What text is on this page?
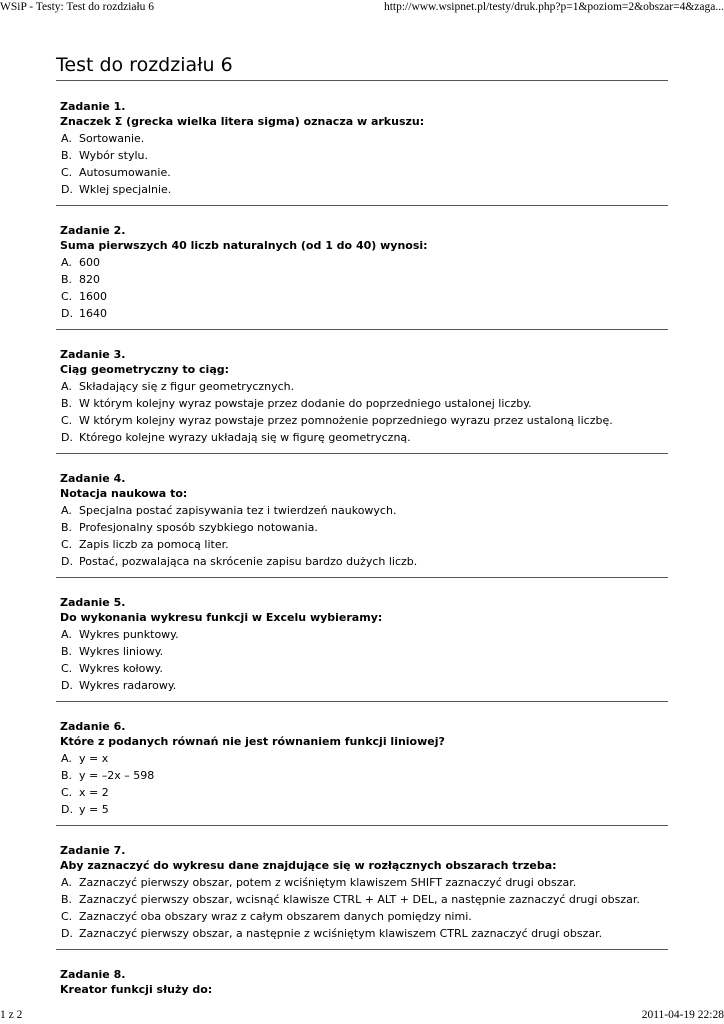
WSiP - Testy: Test do rozdziału 6	http://www.wsipnet.pl/testy/druk.php?p=1&poziom=2&obszar=4&zaga...
Test do rozdziału 6
Zadanie 1.
Znaczek Σ (grecka wielka litera sigma) oznacza w arkuszu:
A. Sortowanie.
B. Wybór stylu.
C. Autosumowanie.
D. Wklej specjalnie.
Zadanie 2.
Suma pierwszych 40 liczb naturalnych (od 1 do 40) wynosi:
A. 600
B. 820
C. 1600
D. 1640
Zadanie 3.
Ciąg geometryczny to ciąg:
A. Składający się z figur geometrycznych.
B. W którym kolejny wyraz powstaje przez dodanie do poprzedniego ustalonej liczby.
C. W którym kolejny wyraz powstaje przez pomnożenie poprzedniego wyrazu przez ustaloną liczbę.
D. Którego kolejne wyrazy układają się w figurę geometryczną.
Zadanie 4.
Notacja naukowa to:
A. Specjalna postać zapisywania tez i twierdzeń naukowych.
B. Profesjonalny sposób szybkiego notowania.
C. Zapis liczb za pomocą liter.
D. Postać, pozwalająca na skrócenie zapisu bardzo dużych liczb.
Zadanie 5.
Do wykonania wykresu funkcji w Excelu wybieramy:
A. Wykres punktowy.
B. Wykres liniowy.
C. Wykres kołowy.
D. Wykres radarowy.
Zadanie 6.
Które z podanych równań nie jest równaniem funkcji liniowej?
A. y = x
B. y = –2x – 598
C. x = 2
D. y = 5
Zadanie 7.
Aby zaznaczyć do wykresu dane znajdujące się w rozłącznych obszarach trzeba:
A. Zaznaczyć pierwszy obszar, potem z wciśniętym klawiszem SHIFT zaznaczyć drugi obszar.
B. Zaznaczyć pierwszy obszar, wcisnąć klawisze CTRL + ALT + DEL, a następnie zaznaczyć drugi obszar.
C. Zaznaczyć oba obszary wraz z całym obszarem danych pomiędzy nimi.
D. Zaznaczyć pierwszy obszar, a następnie z wciśniętym klawiszem CTRL zaznaczyć drugi obszar.
Zadanie 8.
Kreator funkcji służy do:
1 z 2	2011-04-19 22:28
